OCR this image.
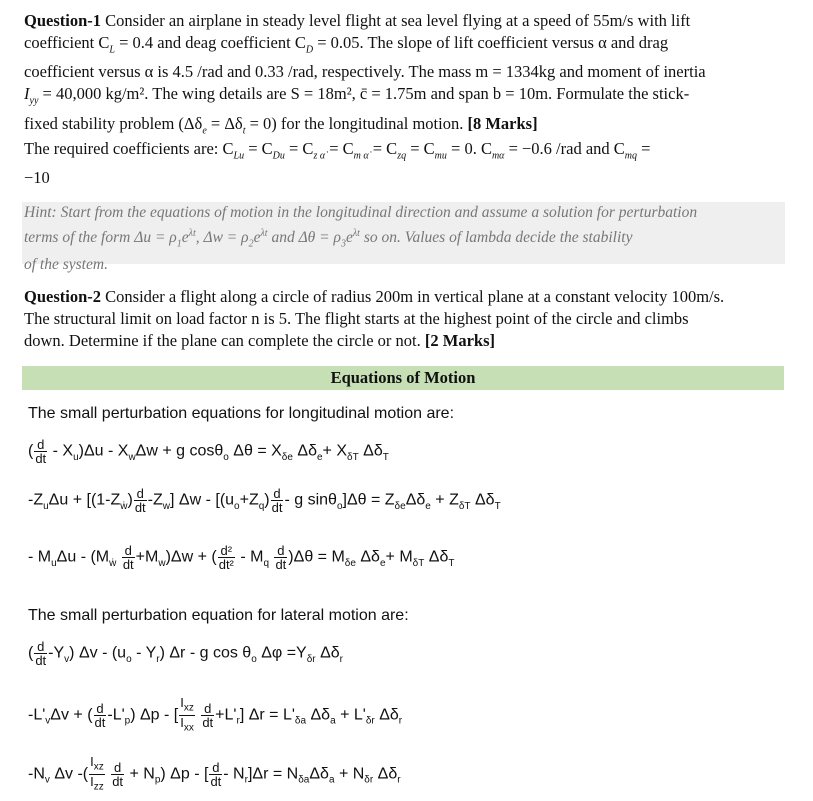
Question-1 Consider an airplane in steady level flight at sea level flying at a speed of 55m/s with lift
coefficient $C_L = 0.4$ and deag coefficient $C_D = 0.05$. The slope of lift coefficient versus α and drag
coefficient versus α is 4.5 /rad and 0.33 /rad, respectively. The mass m = 1334kg and moment of inertia
$I_{yy} = 40,000$ kg/m². The wing details are S = 18m², c̄ = 1.75m and span b = 10m. Formulate the stick-
fixed stability problem $(\Delta\delta_e = \Delta\delta_t = 0)$ for the longitudinal motion. [8 Marks]
The required coefficients are: $C_{Lu} = C_{Du} = C_{z \alphȧ} = C_{m \alphȧ} = C_{zq} = C_{mu} = 0$. $C_{m\alpha} = -0.6$ /rad and $C_{mq}$ =
−10
Hint: Start from the equations of motion in the longitudinal direction and assume a solution for perturbation
terms of the form $\Delta u = \rho_1e^{\lambda t}$, $\Delta w = \rho_2e^{\lambda t}$ and $\Delta\theta = \rho_3e^{\lambda t}$ so on. Values of lambda decide the stability
of the system.
Question-2 Consider a flight along a circle of radius 200m in vertical plane at a constant velocity 100m/s.
The structural limit on load factor n is 5. The flight starts at the highest point of the circle and climbs
down. Determine if the plane can complete the circle or not. [2 Marks]
Equations of Motion
The small perturbation equations for longitudinal motion are:
( $\frac{d}{dt} - X_u)\Delta u - X_w\Delta w + g$ cosθ$_o$ $\Delta\theta = X_{\delta e}$ $\Delta\delta_e+ X_{\delta T}$ $\Delta\delta_T$
$-Z_u\Delta u + [(1-Z_ẇ) \frac{d}{dt} -Z_w]$ $\Delta w - [(u_o+Z_q) \frac{d}{dt} - g$ $\sin\theta_o]\Delta\theta = Z_{\delta e}\Delta\delta_e + Z_{\delta T}$ $\Delta\delta_T$
- $M_u\Delta u - (M_ẇ \frac{d}{dt} +M_w)\Delta w$ + ( $\frac{\text{d²}}{\text{dt²}} - M_q \frac{d}{dt} )\Delta\theta = M_{\delta e}$ $\Delta\delta_e+ M_{\delta T}$ $\Delta\delta_T$
The small perturbation equation for lateral motion are:
( $\frac{d}{dt} -Y_v$) Δv - $(u_o - Y_r)$ Δr - g $\cos \theta_o$ $\Delta\varphi =Y_{\delta r}$ $\Delta\delta_r$
$-L'_v\Delta v$ + ( $\frac{d}{dt} -L'_p$) Δp - [ $\frac{I_{xz}}{I_{xx}}$
$\frac{d}{dt} +L'_r$] $\Delta r = L'_{\delta a}$ $\Delta\delta_a + L'_{\delta r}$ $\Delta\delta_r$
$-N_v$ Δv -( $\frac{I_{xz}}{I_{zz}}$
$\frac{d}{dt} + N_p$) Δp - [ $\frac{d}{dt} - N_r]\Delta r = N_{\delta a}\Delta\delta_a + N_{\delta r}$ $\Delta\delta_r$
